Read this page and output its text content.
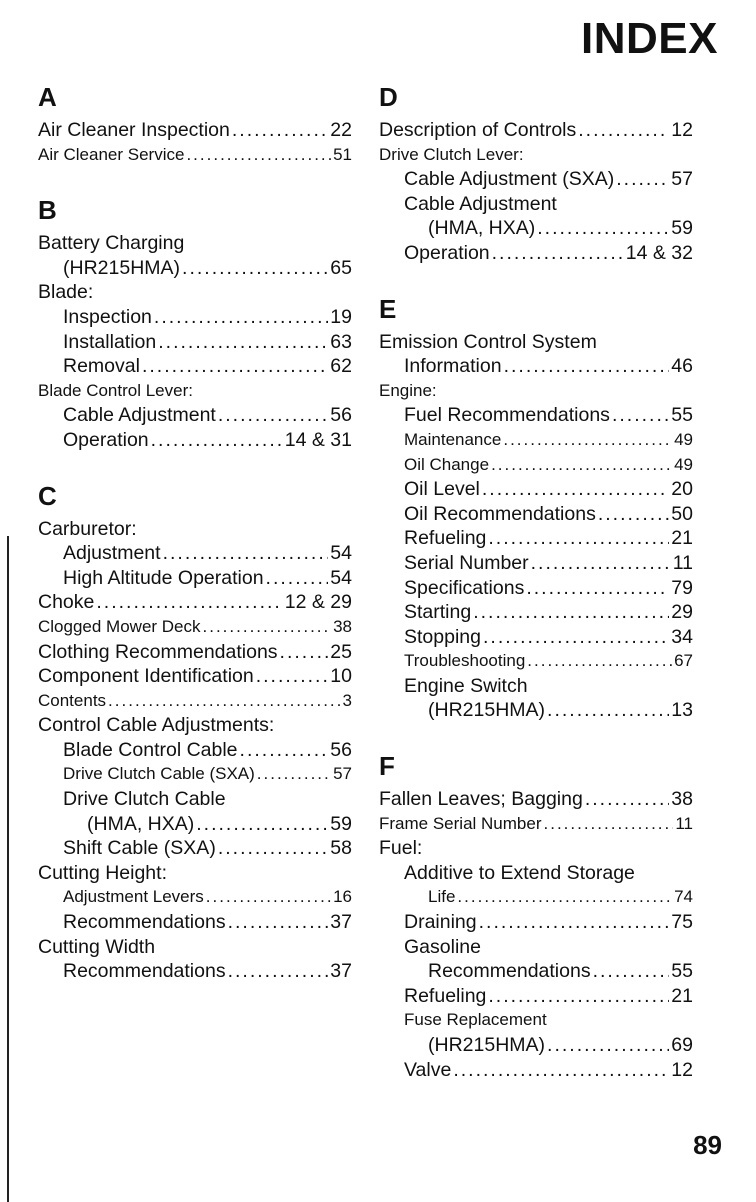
INDEX
A
Air Cleaner Inspection .....	22
Air Cleaner Service .....	51
B
Battery Charging
(HR215HMA) .....	65
Blade:
Inspection .....	19
Installation .....	63
Removal .....	62
Blade Control Lever:
Cable Adjustment .....	56
Operation .....	14 & 31
C
Carburetor:
Adjustment .....	54
High Altitude Operation .....	54
Choke .....	12 & 29
Clogged Mower Deck .....	38
Clothing Recommendations .....	25
Component Identification .....	10
Contents .....	3
Control Cable Adjustments:
Blade Control Cable .....	56
Drive Clutch Cable (SXA) .....	57
Drive Clutch Cable
(HMA, HXA) .....	59
Shift Cable (SXA) .....	58
Cutting Height:
Adjustment Levers .....	16
Recommendations .....	37
Cutting Width
Recommendations .....	37
D
Description of Controls .....	12
Drive Clutch Lever:
Cable Adjustment (SXA) .....	57
Cable Adjustment
(HMA, HXA) .....	59
Operation .....	14 & 32
E
Emission Control System
Information .....	46
Engine:
Fuel Recommendations .....	55
Maintenance .....	49
Oil Change .....	49
Oil Level .....	20
Oil Recommendations .....	50
Refueling .....	21
Serial Number .....	11
Specifications .....	79
Starting .....	29
Stopping .....	34
Troubleshooting .....	67
Engine Switch
(HR215HMA) .....	13
F
Fallen Leaves; Bagging .....	38
Frame Serial Number .....	11
Fuel:
Additive to Extend Storage
Life .....	74
Draining .....	75
Gasoline
Recommendations .....	55
Refueling .....	21
Fuse Replacement
(HR215HMA) .....	69
Valve .....	12
89
